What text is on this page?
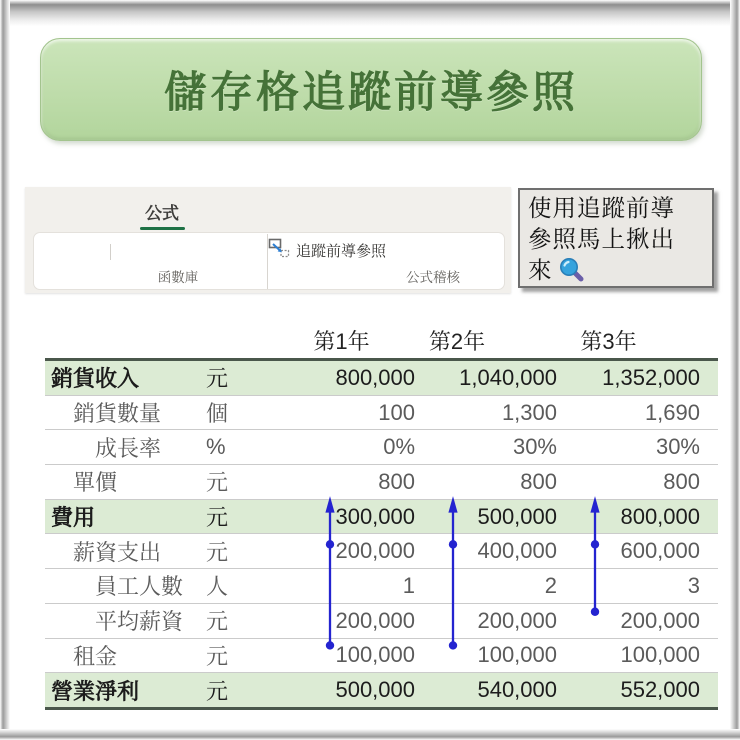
儲存格追蹤前導參照
公式
追蹤前導參照
函數庫	公式稽核
使用追蹤前導
參照馬上揪出
來
第1年	第2年	第3年
銷貨收入	元	800,000	1,040,000	1,352,000
銷貨數量	個	100	1,300	1,690
成長率	%	0%	30%	30%
單價	元	800	800	800
費用	元	300,000	500,000	800,000
薪資支出	元	200,000	400,000	600,000
員工人數	人	1	2	3
平均薪資	元	200,000	200,000	200,000
租金	元	100,000	100,000	100,000
營業淨利	元	500,000	540,000	552,000
